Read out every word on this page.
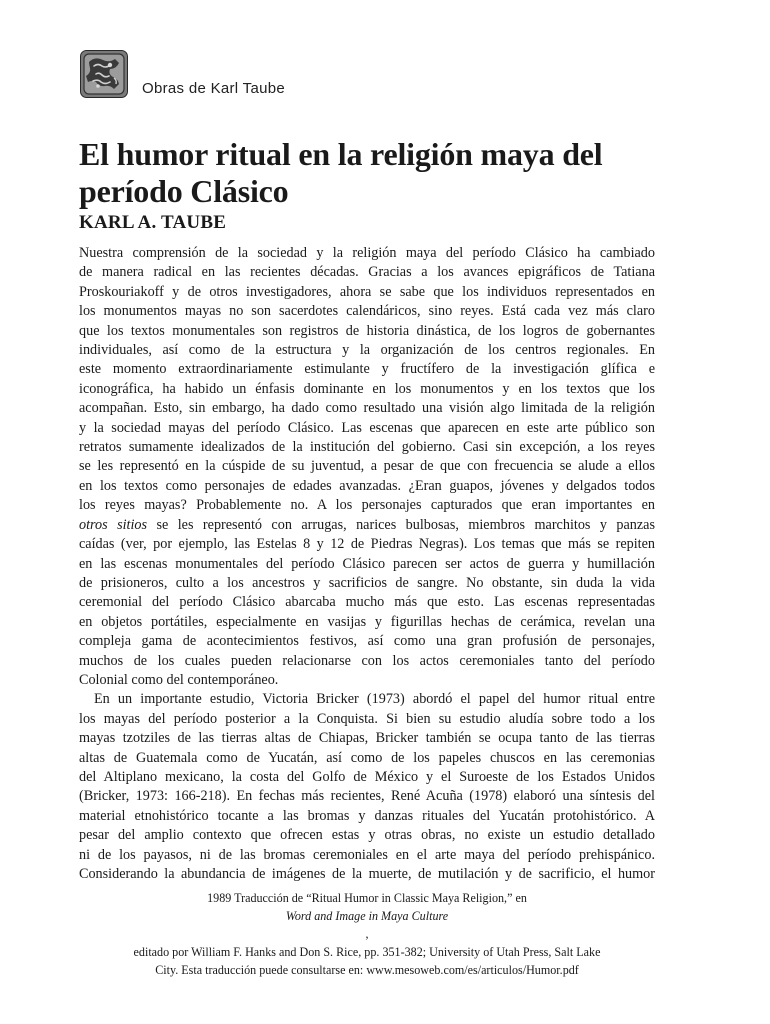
Obras de Karl Taube
El humor ritual en la religión maya del
período Clásico
KARL A. TAUBE
Nuestra comprensión de la sociedad y la religión maya del período Clásico ha cambiado
de manera radical en las recientes décadas. Gracias a los avances epigráficos de Tatiana
Proskouriakoff y de otros investigadores, ahora se sabe que los individuos representados en
los monumentos mayas no son sacerdotes calendáricos, sino reyes. Está cada vez más claro
que los textos monumentales son registros de historia dinástica, de los logros de gobernantes
individuales, así como de la estructura y la organización de los centros regionales. En
este momento extraordinariamente estimulante y fructífero de la investigación glífica e
iconográfica, ha habido un énfasis dominante en los monumentos y en los textos que los
acompañan. Esto, sin embargo, ha dado como resultado una visión algo limitada de la religión
y la sociedad mayas del período Clásico. Las escenas que aparecen en este arte público son
retratos sumamente idealizados de la institución del gobierno. Casi sin excepción, a los reyes
se les representó en la cúspide de su juventud, a pesar de que con frecuencia se alude a ellos
en los textos como personajes de edades avanzadas. ¿Eran guapos, jóvenes y delgados todos
los reyes mayas? Probablemente no. A los personajes capturados que eran importantes en
otros sitios se les representó con arrugas, narices bulbosas, miembros marchitos y panzas
caídas (ver, por ejemplo, las Estelas 8 y 12 de Piedras Negras). Los temas que más se repiten
en las escenas monumentales del período Clásico parecen ser actos de guerra y humillación
de prisioneros, culto a los ancestros y sacrificios de sangre. No obstante, sin duda la vida
ceremonial del período Clásico abarcaba mucho más que esto. Las escenas representadas
en objetos portátiles, especialmente en vasijas y figurillas hechas de cerámica, revelan una
compleja gama de acontecimientos festivos, así como una gran profusión de personajes,
muchos de los cuales pueden relacionarse con los actos ceremoniales tanto del período
Colonial como del contemporáneo.
En un importante estudio, Victoria Bricker (1973) abordó el papel del humor ritual entre
los mayas del período posterior a la Conquista. Si bien su estudio aludía sobre todo a los
mayas tzotziles de las tierras altas de Chiapas, Bricker también se ocupa tanto de las tierras
altas de Guatemala como de Yucatán, así como de los papeles chuscos en las ceremonias
del Altiplano mexicano, la costa del Golfo de México y el Suroeste de los Estados Unidos
(Bricker, 1973: 166-218). En fechas más recientes, René Acuña (1978) elaboró una síntesis del
material etnohistórico tocante a las bromas y danzas rituales del Yucatán protohistórico. A
pesar del amplio contexto que ofrecen estas y otras obras, no existe un estudio detallado
ni de los payasos, ni de las bromas ceremoniales en el arte maya del período prehispánico.
Considerando la abundancia de imágenes de la muerte, de mutilación y de sacrificio, el humor
1989 Traducción de “Ritual Humor in Classic Maya Religion,” en
Word and Image in Maya Culture
,
editado por William F. Hanks and Don S. Rice, pp. 351-382; University of Utah Press, Salt Lake
City. Esta traducción puede consultarse en: www.mesoweb.com/es/articulos/Humor.pdf
